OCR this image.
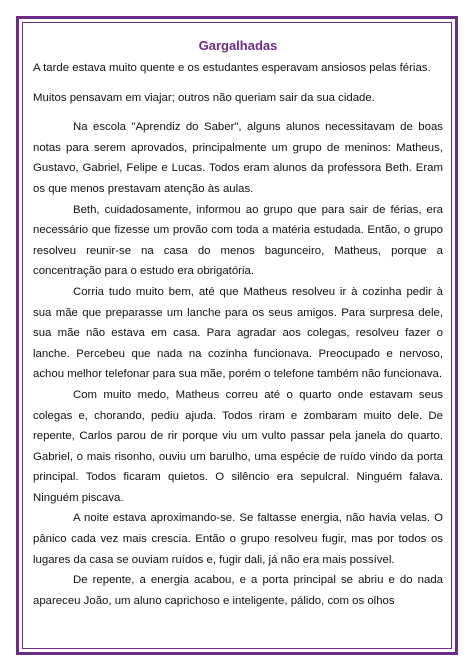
Gargalhadas

A tarde estava muito quente e os estudantes esperavam ansiosos pelas férias.

Muitos pensavam em viajar; outros não queriam sair da sua cidade.

Na escola "Aprendiz do Saber", alguns alunos necessitavam de boas notas para serem aprovados, principalmente um grupo de meninos: Matheus, Gustavo, Gabriel, Felipe e Lucas. Todos eram alunos da professora Beth. Eram os que menos prestavam atenção às aulas.

Beth, cuidadosamente, informou ao grupo que para sair de férias, era necessário que fizesse um provão com toda a matéria estudada. Então, o grupo resolveu reunir-se na casa do menos bagunceiro, Matheus, porque a concentração para o estudo era obrigatória.

Corria tudo muito bem, até que Matheus resolveu ir à cozinha pedir à sua mãe que preparasse um lanche para os seus amigos. Para surpresa dele, sua mãe não estava em casa. Para agradar aos colegas, resolveu fazer o lanche. Percebeu que nada na cozinha funcionava. Preocupado e nervoso, achou melhor telefonar para sua mãe, porém o telefone também não funcionava.

Com muito medo, Matheus correu até o quarto onde estavam seus colegas e, chorando, pediu ajuda. Todos riram e zombaram muito dele. De repente, Carlos parou de rir porque viu um vulto passar pela janela do quarto. Gabriel, o mais risonho, ouviu um barulho, uma espécie de ruído vindo da porta principal. Todos ficaram quietos. O silêncio era sepulcral. Ninguém falava. Ninguém piscava.

A noite estava aproximando-se. Se faltasse energia, não havia velas. O pânico cada vez mais crescia. Então o grupo resolveu fugir, mas por todos os lugares da casa se ouviam ruídos e, fugir dali, já não era mais possível.

De repente, a energia acabou, e a porta principal se abriu e do nada apareceu João, um aluno caprichoso e inteligente, pálido, com os olhos
